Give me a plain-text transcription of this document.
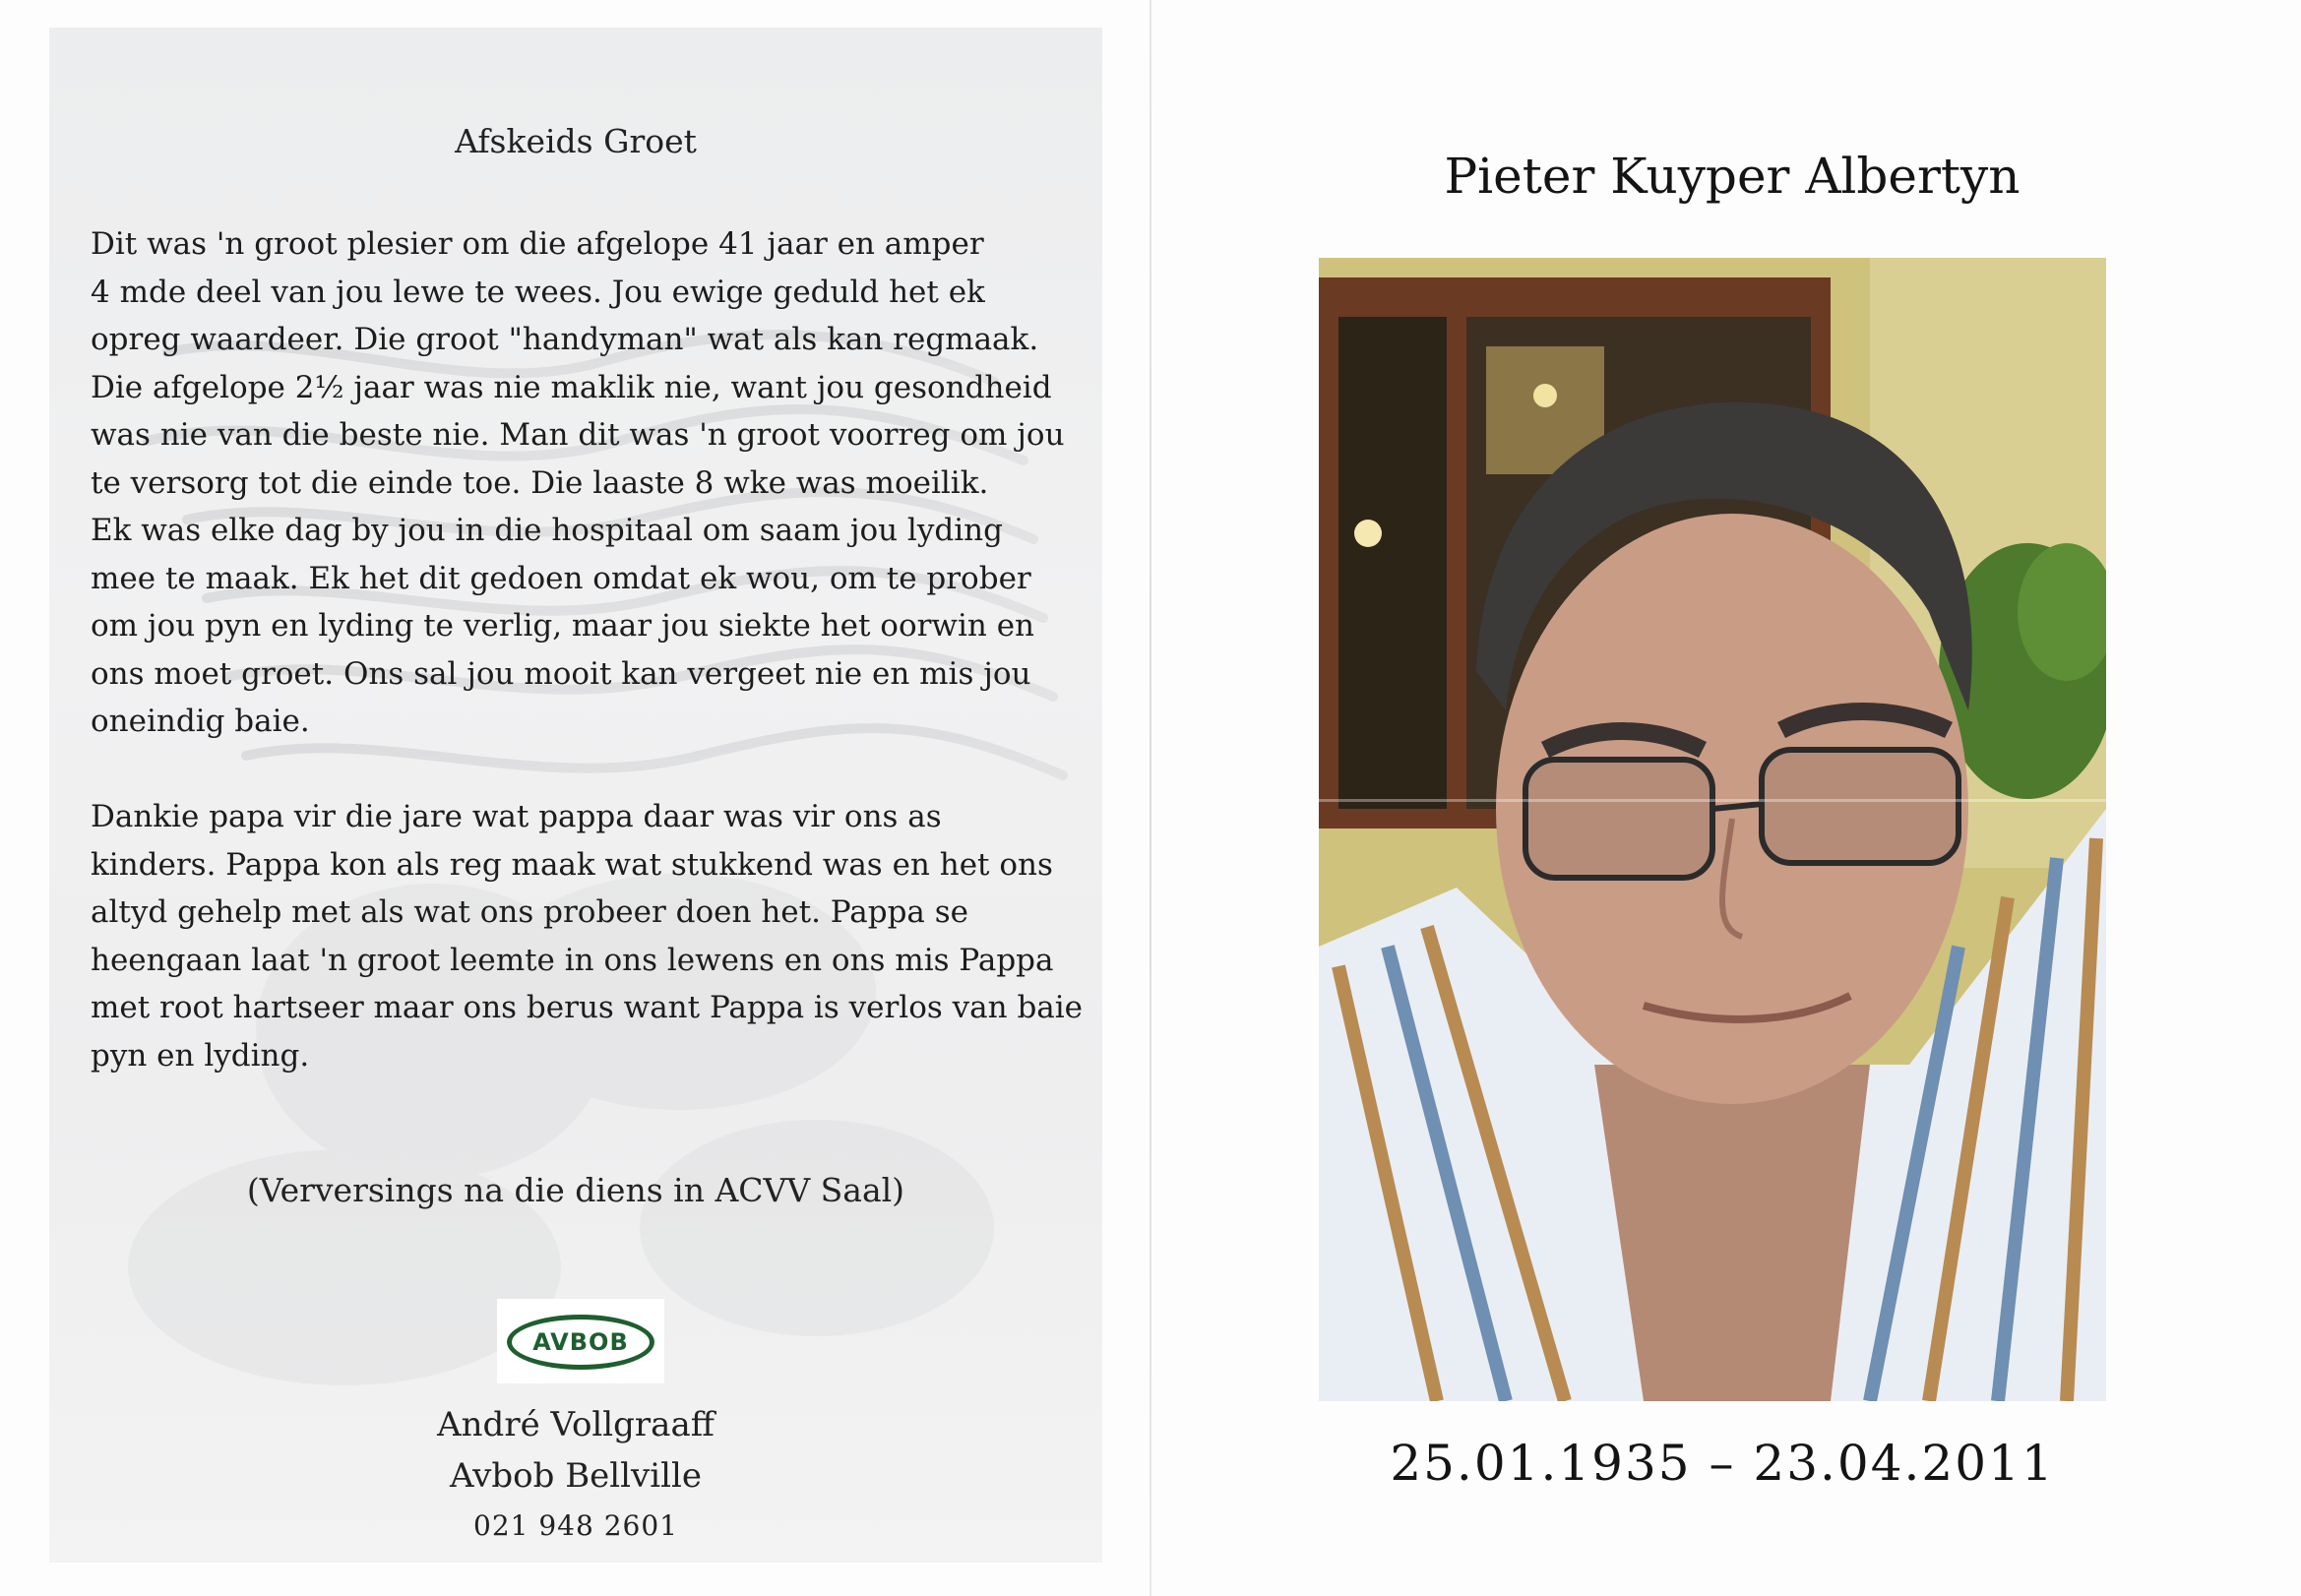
Afskeids Groet
Dit was 'n groot plesier om die afgelope 41 jaar en amper
4 mde deel van jou lewe te wees. Jou ewige geduld het ek
opreg waardeer. Die groot "handyman" wat als kan regmaak.
Die afgelope 2½ jaar was nie maklik nie, want jou gesondheid
was nie van die beste nie. Man dit was 'n groot voorreg om jou
te versorg tot die einde toe. Die laaste 8 wke was moeilik.
Ek was elke dag by jou in die hospitaal om saam jou lyding
mee te maak. Ek het dit gedoen omdat ek wou, om te prober
om jou pyn en lyding te verlig, maar jou siekte het oorwin en
ons moet groet. Ons sal jou mooit kan vergeet nie en mis jou
oneindig baie.
Dankie papa vir die jare wat pappa daar was vir ons as
kinders. Pappa kon als reg maak wat stukkend was en het ons
altyd gehelp met als wat ons probeer doen het. Pappa se
heengaan laat 'n groot leemte in ons lewens en ons mis Pappa
met root hartseer maar ons berus want Pappa is verlos van baie
pyn en lyding.
(Verversings na die diens in ACVV Saal)
AVBOB
André Vollgraaff
Avbob Bellville
021 948 2601
Pieter Kuyper Albertyn
25.01.1935 – 23.04.2011
